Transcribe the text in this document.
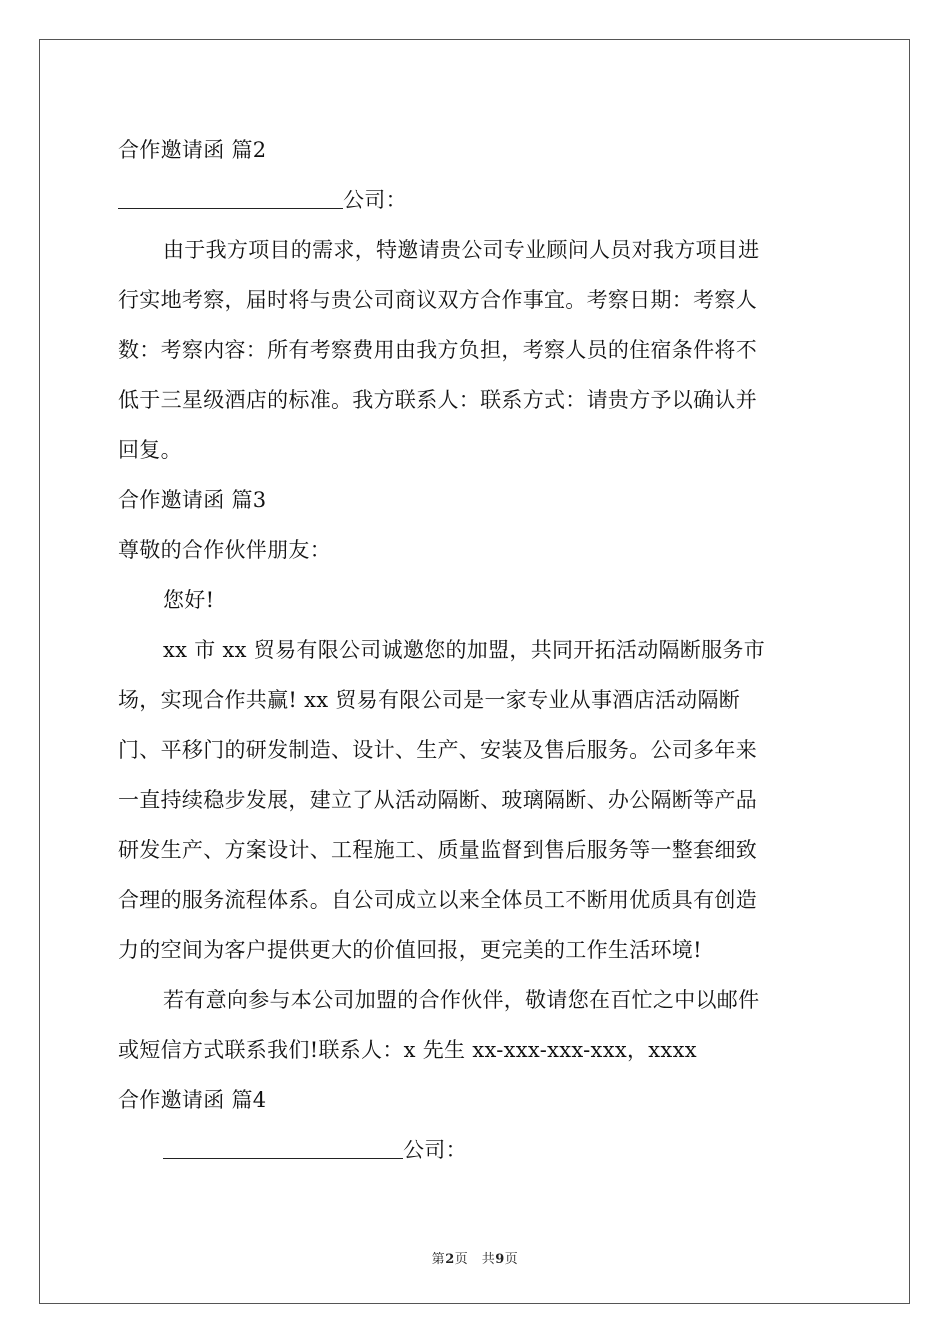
合作邀请函 篇2
公司：
由于我方项目的需求，特邀请贵公司专业顾问人员对我方项目进
行实地考察，届时将与贵公司商议双方合作事宜。考察日期：考察人
数：考察内容：所有考察费用由我方负担，考察人员的住宿条件将不
低于三星级酒店的标准。我方联系人：联系方式：请贵方予以确认并
回复。
合作邀请函 篇3
尊敬的合作伙伴朋友：
您好!
xx 市 xx 贸易有限公司诚邀您的加盟，共同开拓活动隔断服务市
场，实现合作共赢! xx 贸易有限公司是一家专业从事酒店活动隔断
门、平移门的研发制造、设计、生产、安装及售后服务。公司多年来
一直持续稳步发展，建立了从活动隔断、玻璃隔断、办公隔断等产品
研发生产、方案设计、工程施工、质量监督到售后服务等一整套细致
合理的服务流程体系。自公司成立以来全体员工不断用优质具有创造
力的空间为客户提供更大的价值回报，更完美的工作生活环境!
若有意向参与本公司加盟的合作伙伴，敬请您在百忙之中以邮件
或短信方式联系我们!联系人：x 先生 xx-xxx-xxx-xxx，xxxx
合作邀请函 篇4
公司：
第2页　共9页
